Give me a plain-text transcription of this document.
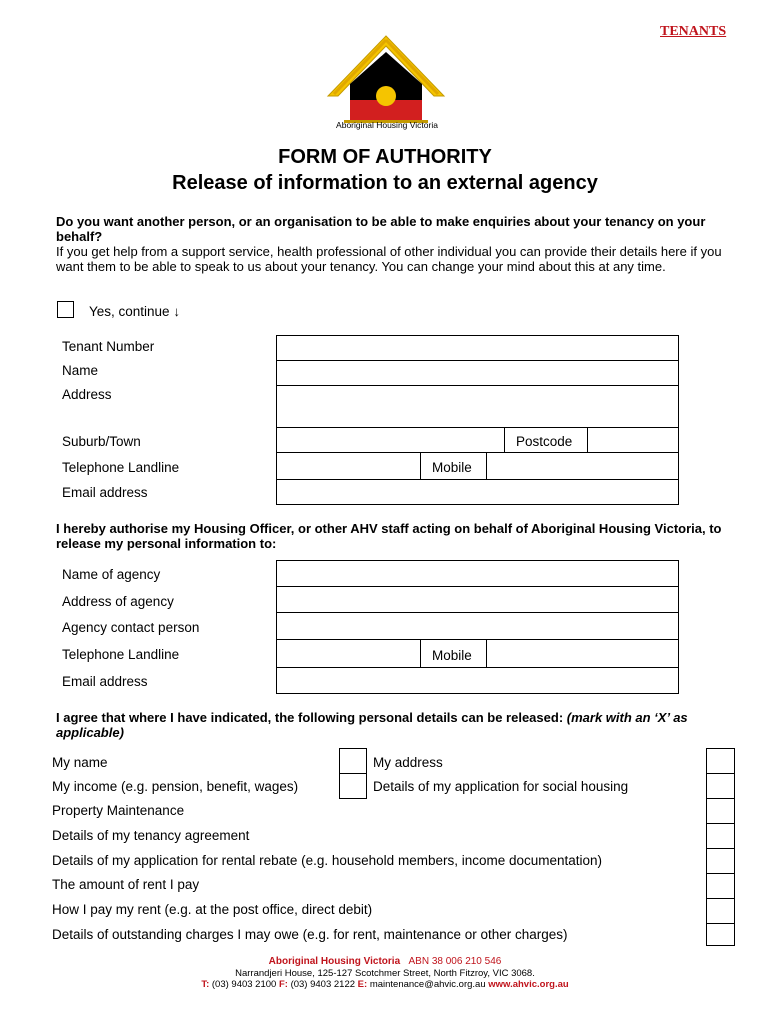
TENANTS
Aboriginal Housing Victoria
FORM OF AUTHORITY
Release of information to an external agency
Do you want another person, or an organisation to be able to make enquiries about your tenancy on your behalf?
If you get help from a support service, health professional of other individual you can provide their details here if you want them to be able to speak to us about your tenancy. You can change your mind about this at any time.
Yes, continue ↓
Tenant Number
Name
Address
Suburb/Town	Postcode
Telephone Landline	Mobile
Email address
I hereby authorise my Housing Officer, or other AHV staff acting on behalf of Aboriginal Housing Victoria, to release my personal information to:
Name of agency
Address of agency
Agency contact person
Telephone Landline	Mobile
Email address
I agree that where I have indicated, the following personal details can be released: (mark with an ‘X’ as applicable)
My name	My address
My income (e.g. pension, benefit, wages)	Details of my application for social housing
Property Maintenance
Details of my tenancy agreement
Details of my application for rental rebate (e.g. household members, income documentation)
The amount of rent I pay
How I pay my rent (e.g. at the post office, direct debit)
Details of outstanding charges I may owe (e.g. for rent, maintenance or other charges)
Aboriginal Housing Victoria ABN 38 006 210 546
Narrandjeri House, 125-127 Scotchmer Street, North Fitzroy, VIC 3068.
T: (03) 9403 2100 F: (03) 9403 2122 E: maintenance@ahvic.org.au www.ahvic.org.au
